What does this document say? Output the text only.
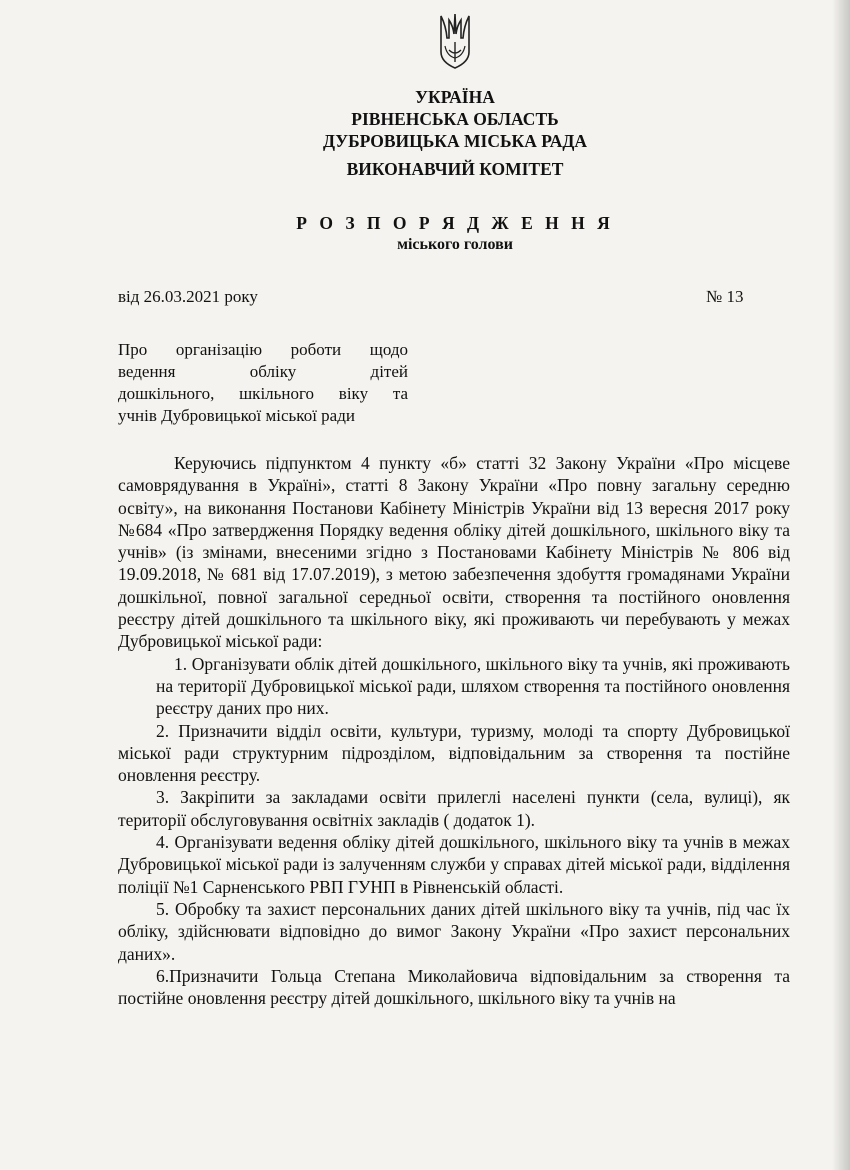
УКРАЇНА
РІВНЕНСЬКА ОБЛАСТЬ
ДУБРОВИЦЬКА МІСЬКА РАДА
ВИКОНАВЧИЙ КОМІТЕТ
Р О З П О Р Я Д Ж Е Н Н Я
міського голови
від 26.03.2021 року	№ 13
Про організацію роботи щодо
ведення	обліку	дітей
дошкільного, шкільного віку та
учнів Дубровицької міської ради

Керуючись підпунктом 4 пункту «б» статті 32 Закону України «Про місцеве самоврядування в Україні», статті 8 Закону України «Про повну загальну середню освіту», на виконання Постанови Кабінету Міністрів України від 13 вересня 2017 року №684 «Про затвердження Порядку ведення обліку дітей дошкільного, шкільного віку та учнів» (із змінами, внесеними згідно з Постановами Кабінету Міністрів № 806 від 19.09.2018, № 681 від 17.07.2019), з метою забезпечення здобуття громадянами України дошкільної, повної загальної середньої освіти, створення та постійного оновлення реєстру дітей дошкільного та шкільного віку, які проживають чи перебувають у межах Дубровицької міської ради:

1. Організувати облік дітей дошкільного, шкільного віку та учнів, які проживають на території Дубровицької міської ради, шляхом створення та постійного оновлення реєстру даних про них.

2. Призначити відділ освіти, культури, туризму, молоді та спорту Дубровицької міської ради структурним підрозділом, відповідальним за створення та постійне оновлення реєстру.

3. Закріпити за закладами освіти прилеглі населені пункти (села, вулиці), як території обслуговування освітніх закладів ( додаток 1).

4. Організувати ведення обліку дітей дошкільного, шкільного віку та учнів в межах Дубровицької міської ради із залученням служби у справах дітей міської ради, відділення поліції №1 Сарненського РВП ГУНП в Рівненській області.

5. Обробку та захист персональних даних дітей шкільного віку та учнів, під час їх обліку, здійснювати відповідно до вимог Закону України «Про захист персональних даних».

6.Призначити Гольца Степана Миколайовича відповідальним за створення та постійне оновлення реєстру дітей дошкільного, шкільного віку та учнів на
